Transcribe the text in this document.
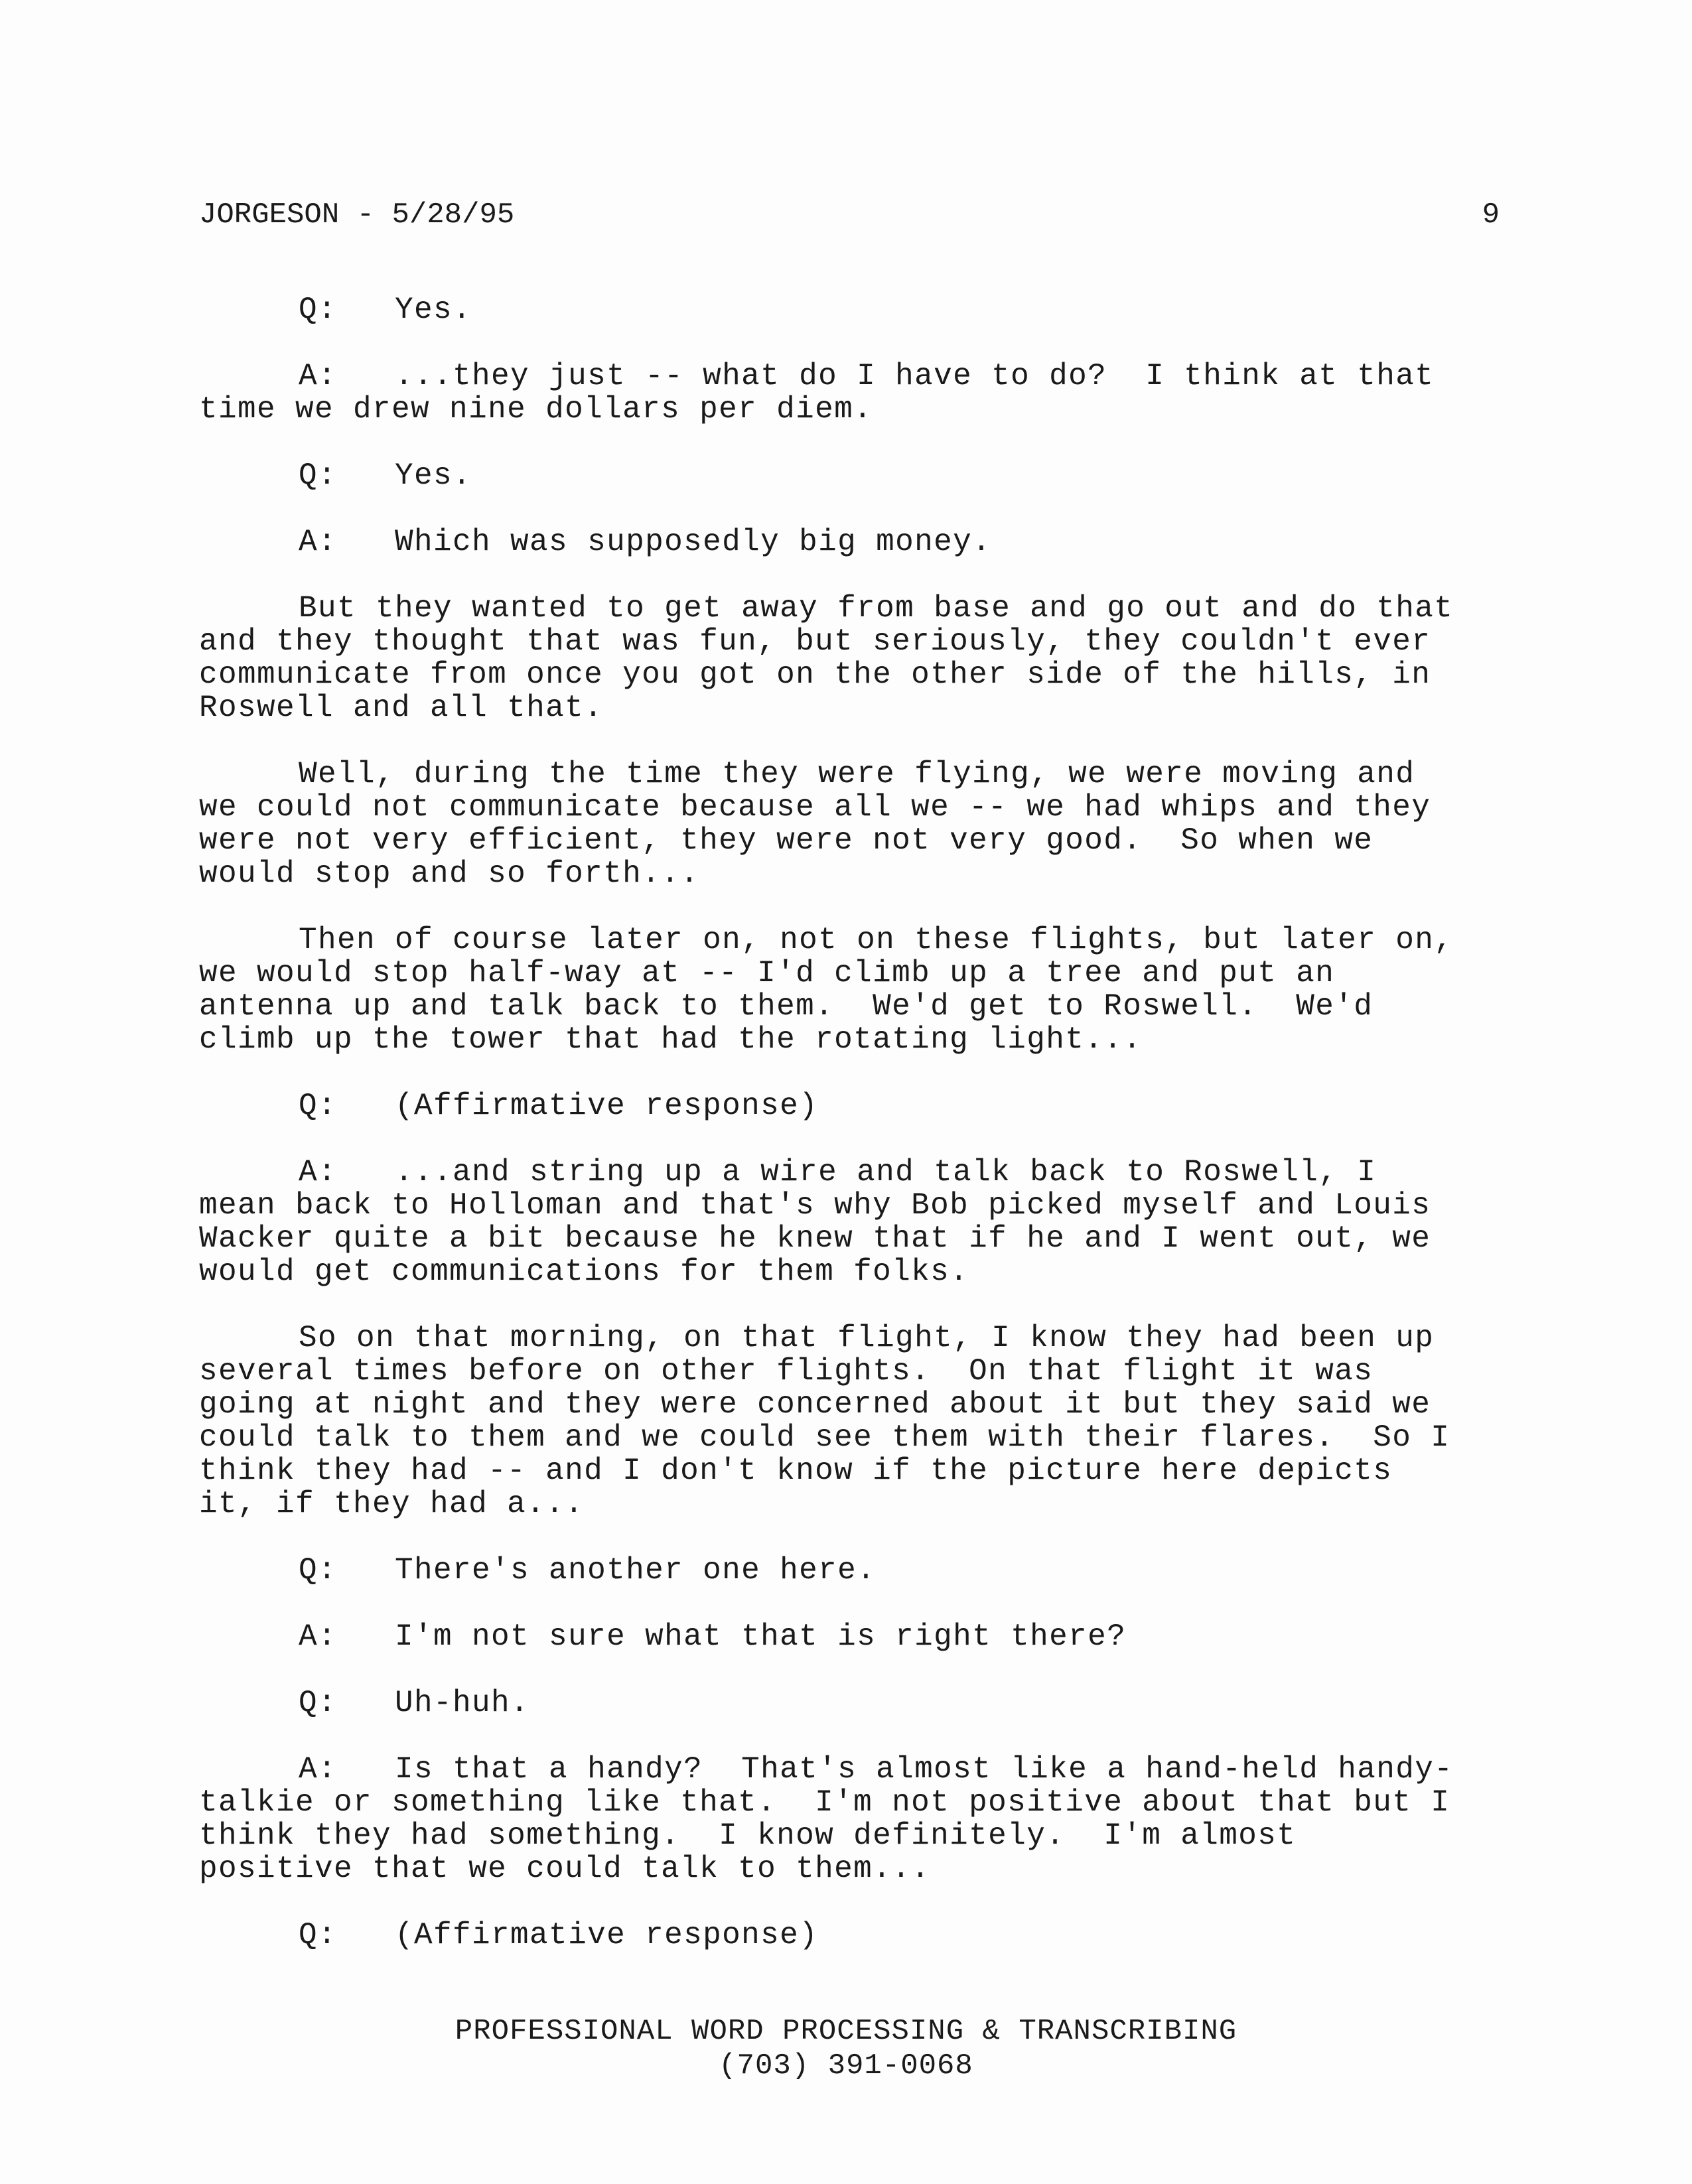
JORGESON - 5/28/95	9
Q:   Yes.
A:   ...they just -- what do I have to do?  I think at that
time we drew nine dollars per diem.
Q:   Yes.
A:   Which was supposedly big money.
But they wanted to get away from base and go out and do that
and they thought that was fun, but seriously, they couldn't ever
communicate from once you got on the other side of the hills, in
Roswell and all that.
Well, during the time they were flying, we were moving and
we could not communicate because all we -- we had whips and they
were not very efficient, they were not very good.  So when we
would stop and so forth...
Then of course later on, not on these flights, but later on,
we would stop half-way at -- I'd climb up a tree and put an
antenna up and talk back to them.  We'd get to Roswell.  We'd
climb up the tower that had the rotating light...
Q:   (Affirmative response)
A:   ...and string up a wire and talk back to Roswell, I
mean back to Holloman and that's why Bob picked myself and Louis
Wacker quite a bit because he knew that if he and I went out, we
would get communications for them folks.
So on that morning, on that flight, I know they had been up
several times before on other flights.  On that flight it was
going at night and they were concerned about it but they said we
could talk to them and we could see them with their flares.  So I
think they had -- and I don't know if the picture here depicts
it, if they had a...
Q:   There's another one here.
A:   I'm not sure what that is right there?
Q:   Uh-huh.
A:   Is that a handy?  That's almost like a hand-held handy-
talkie or something like that.  I'm not positive about that but I
think they had something.  I know definitely.  I'm almost
positive that we could talk to them...
Q:   (Affirmative response)
PROFESSIONAL WORD PROCESSING & TRANSCRIBING
(703) 391-0068
